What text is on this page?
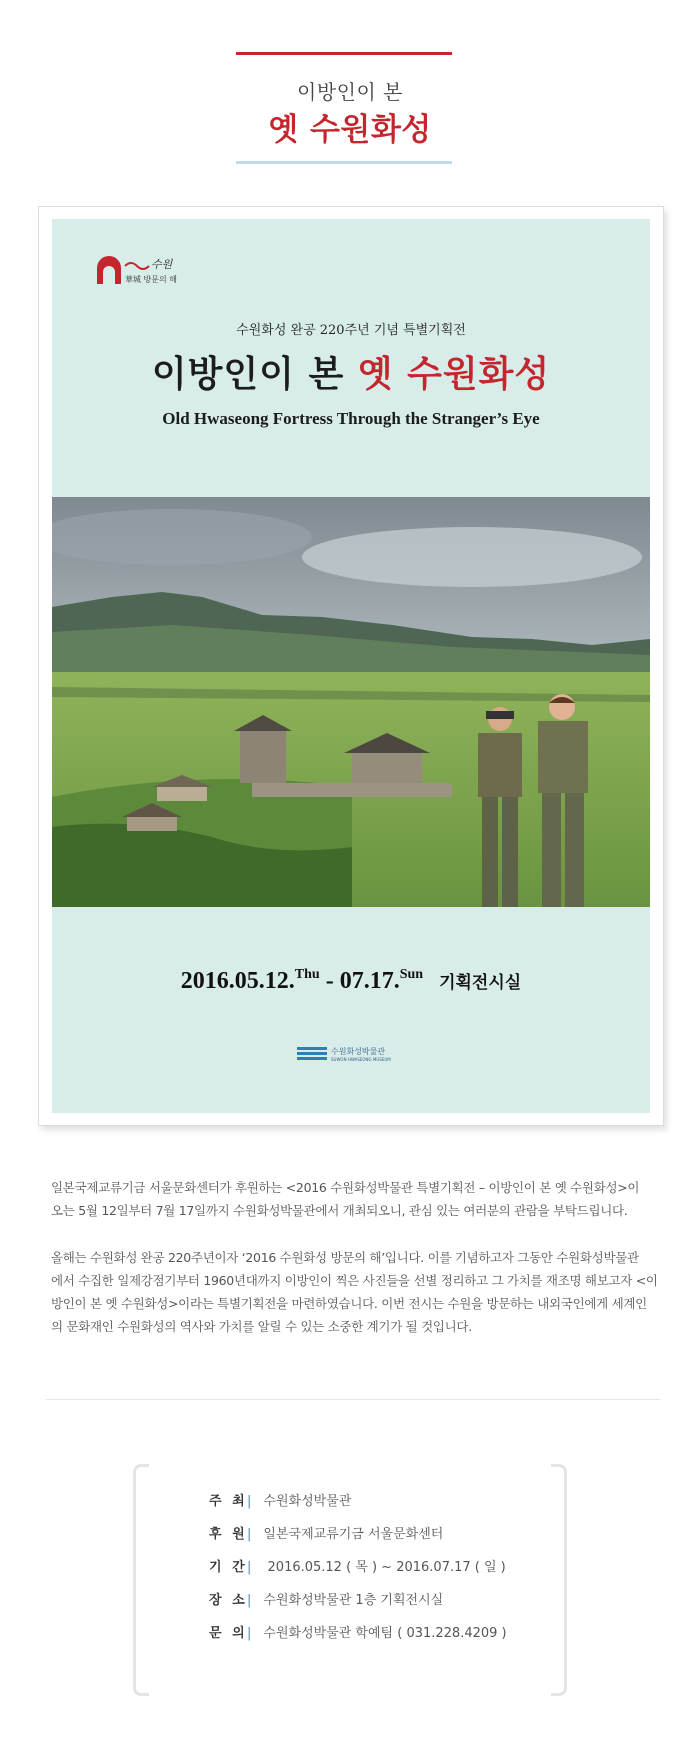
이방인이 본
옛 수원화성
수원
華城 방문의 해
수원화성 완공 220주년 기념 특별기획전
이방인이 본 옛 수원화성
Old Hwaseong Fortress Through the Stranger’s Eye
2016.05.12.$^{Thu}$ - 07.17.$^{Sun}$ 기획전시실
수원화성박물관
SUWON HWASEONG MUSEUM
일본국제교류기금 서울문화센터가 후원하는 <2016 수원화성박물관 특별기획전 – 이방인이 본 옛 수원화성>이
오는 5월 12일부터 7월 17일까지 수원화성박물관에서 개최되오니, 관심 있는 여러분의 관람을 부탁드립니다.
올해는 수원화성 완공 220주년이자 ‘2016 수원화성 방문의 해’입니다. 이를 기념하고자 그동안 수원화성박물관
에서 수집한 일제강점기부터 1960년대까지 이방인이 찍은 사진들을 선별 정리하고 그 가치를 재조명 해보고자 <이
방인이 본 옛 수원화성>이라는 특별기획전을 마련하였습니다. 이번 전시는 수원을 방문하는 내외국인에게 세계인
의 문화재인 수원화성의 역사와 가치를 알릴 수 있는 소중한 계기가 될 것입니다.
주 최| 수원화성박물관
후 원| 일본국제교류기금 서울문화센터
기 간| 2016.05.12 ( 목 ) ~ 2016.07.17 ( 일 )
장 소| 수원화성박물관 1층 기획전시실
문 의| 수원화성박물관 학예팀 ( 031.228.4209 )
